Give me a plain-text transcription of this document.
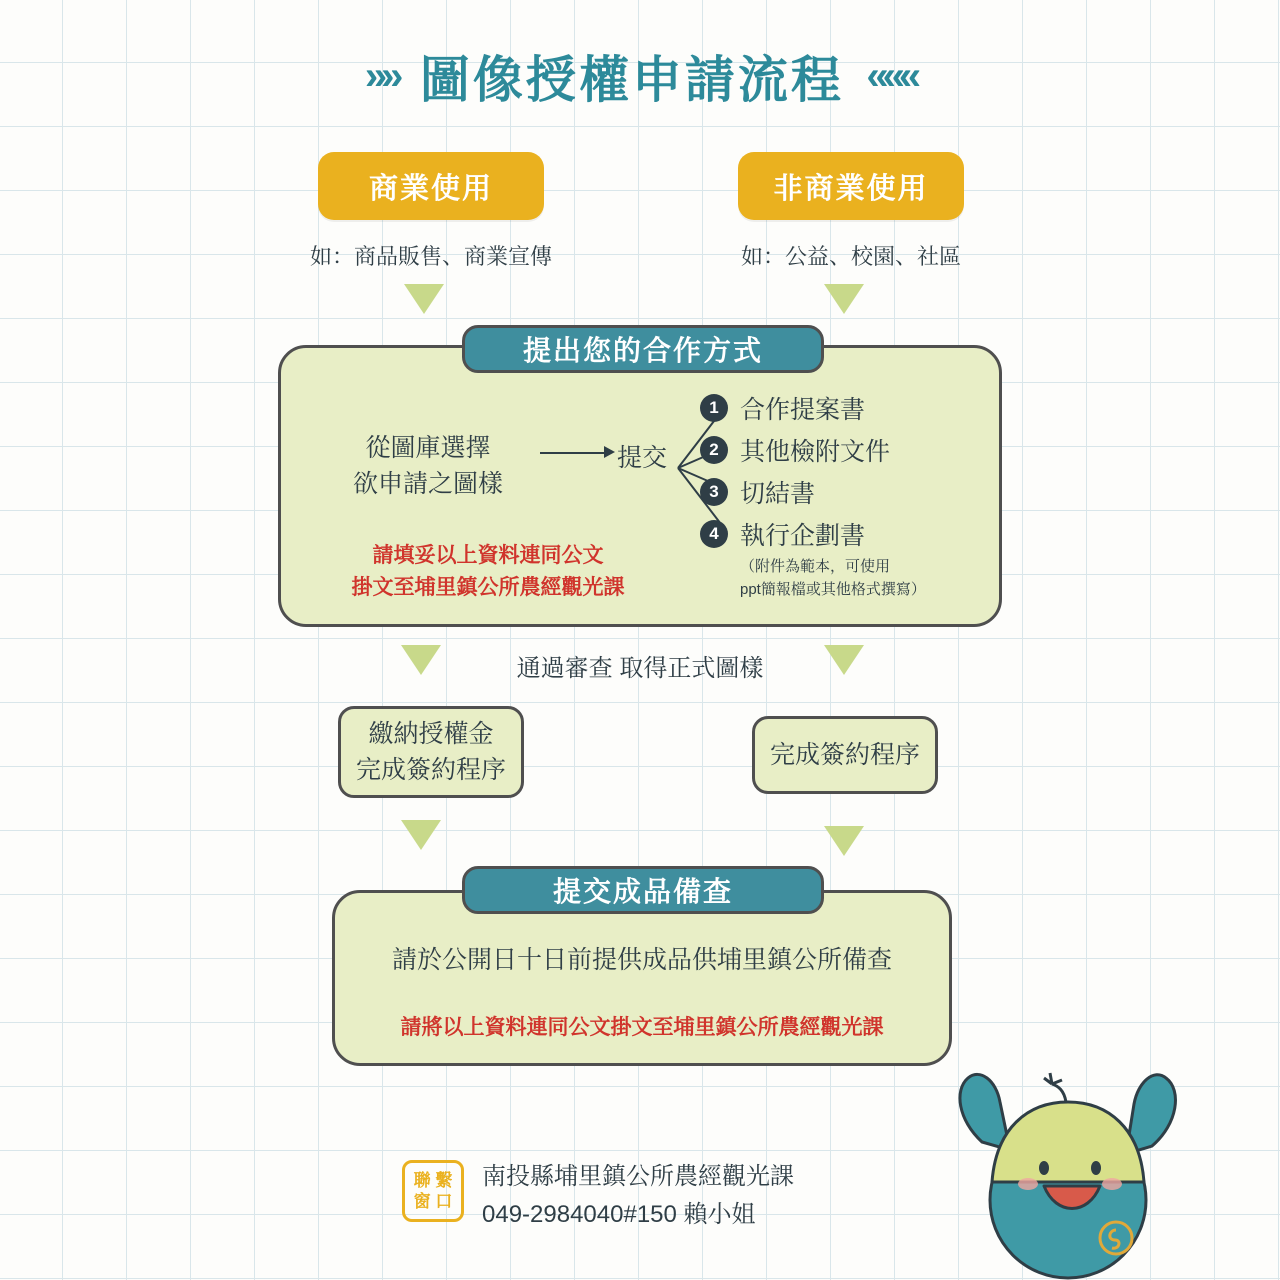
»» 圖像授權申請流程 «««
商業使用	非商業使用
如：商品販售、商業宣傳	如：公益、校園、社區
提出您的合作方式
從圖庫選擇
欲申請之圖樣
提交
1 合作提案書
2 其他檢附文件
3 切結書
4 執行企劃書
（附件為範本，可使用
ppt簡報檔或其他格式撰寫）
請填妥以上資料連同公文
掛文至埔里鎮公所農經觀光課
通過審查 取得正式圖樣
繳納授權金
完成簽約程序
完成簽約程序
提交成品備查
請於公開日十日前提供成品供埔里鎮公所備查
請將以上資料連同公文掛文至埔里鎮公所農經觀光課
聯 繫
窗 口
南投縣埔里鎮公所農經觀光課
049-2984040#150 賴小姐
